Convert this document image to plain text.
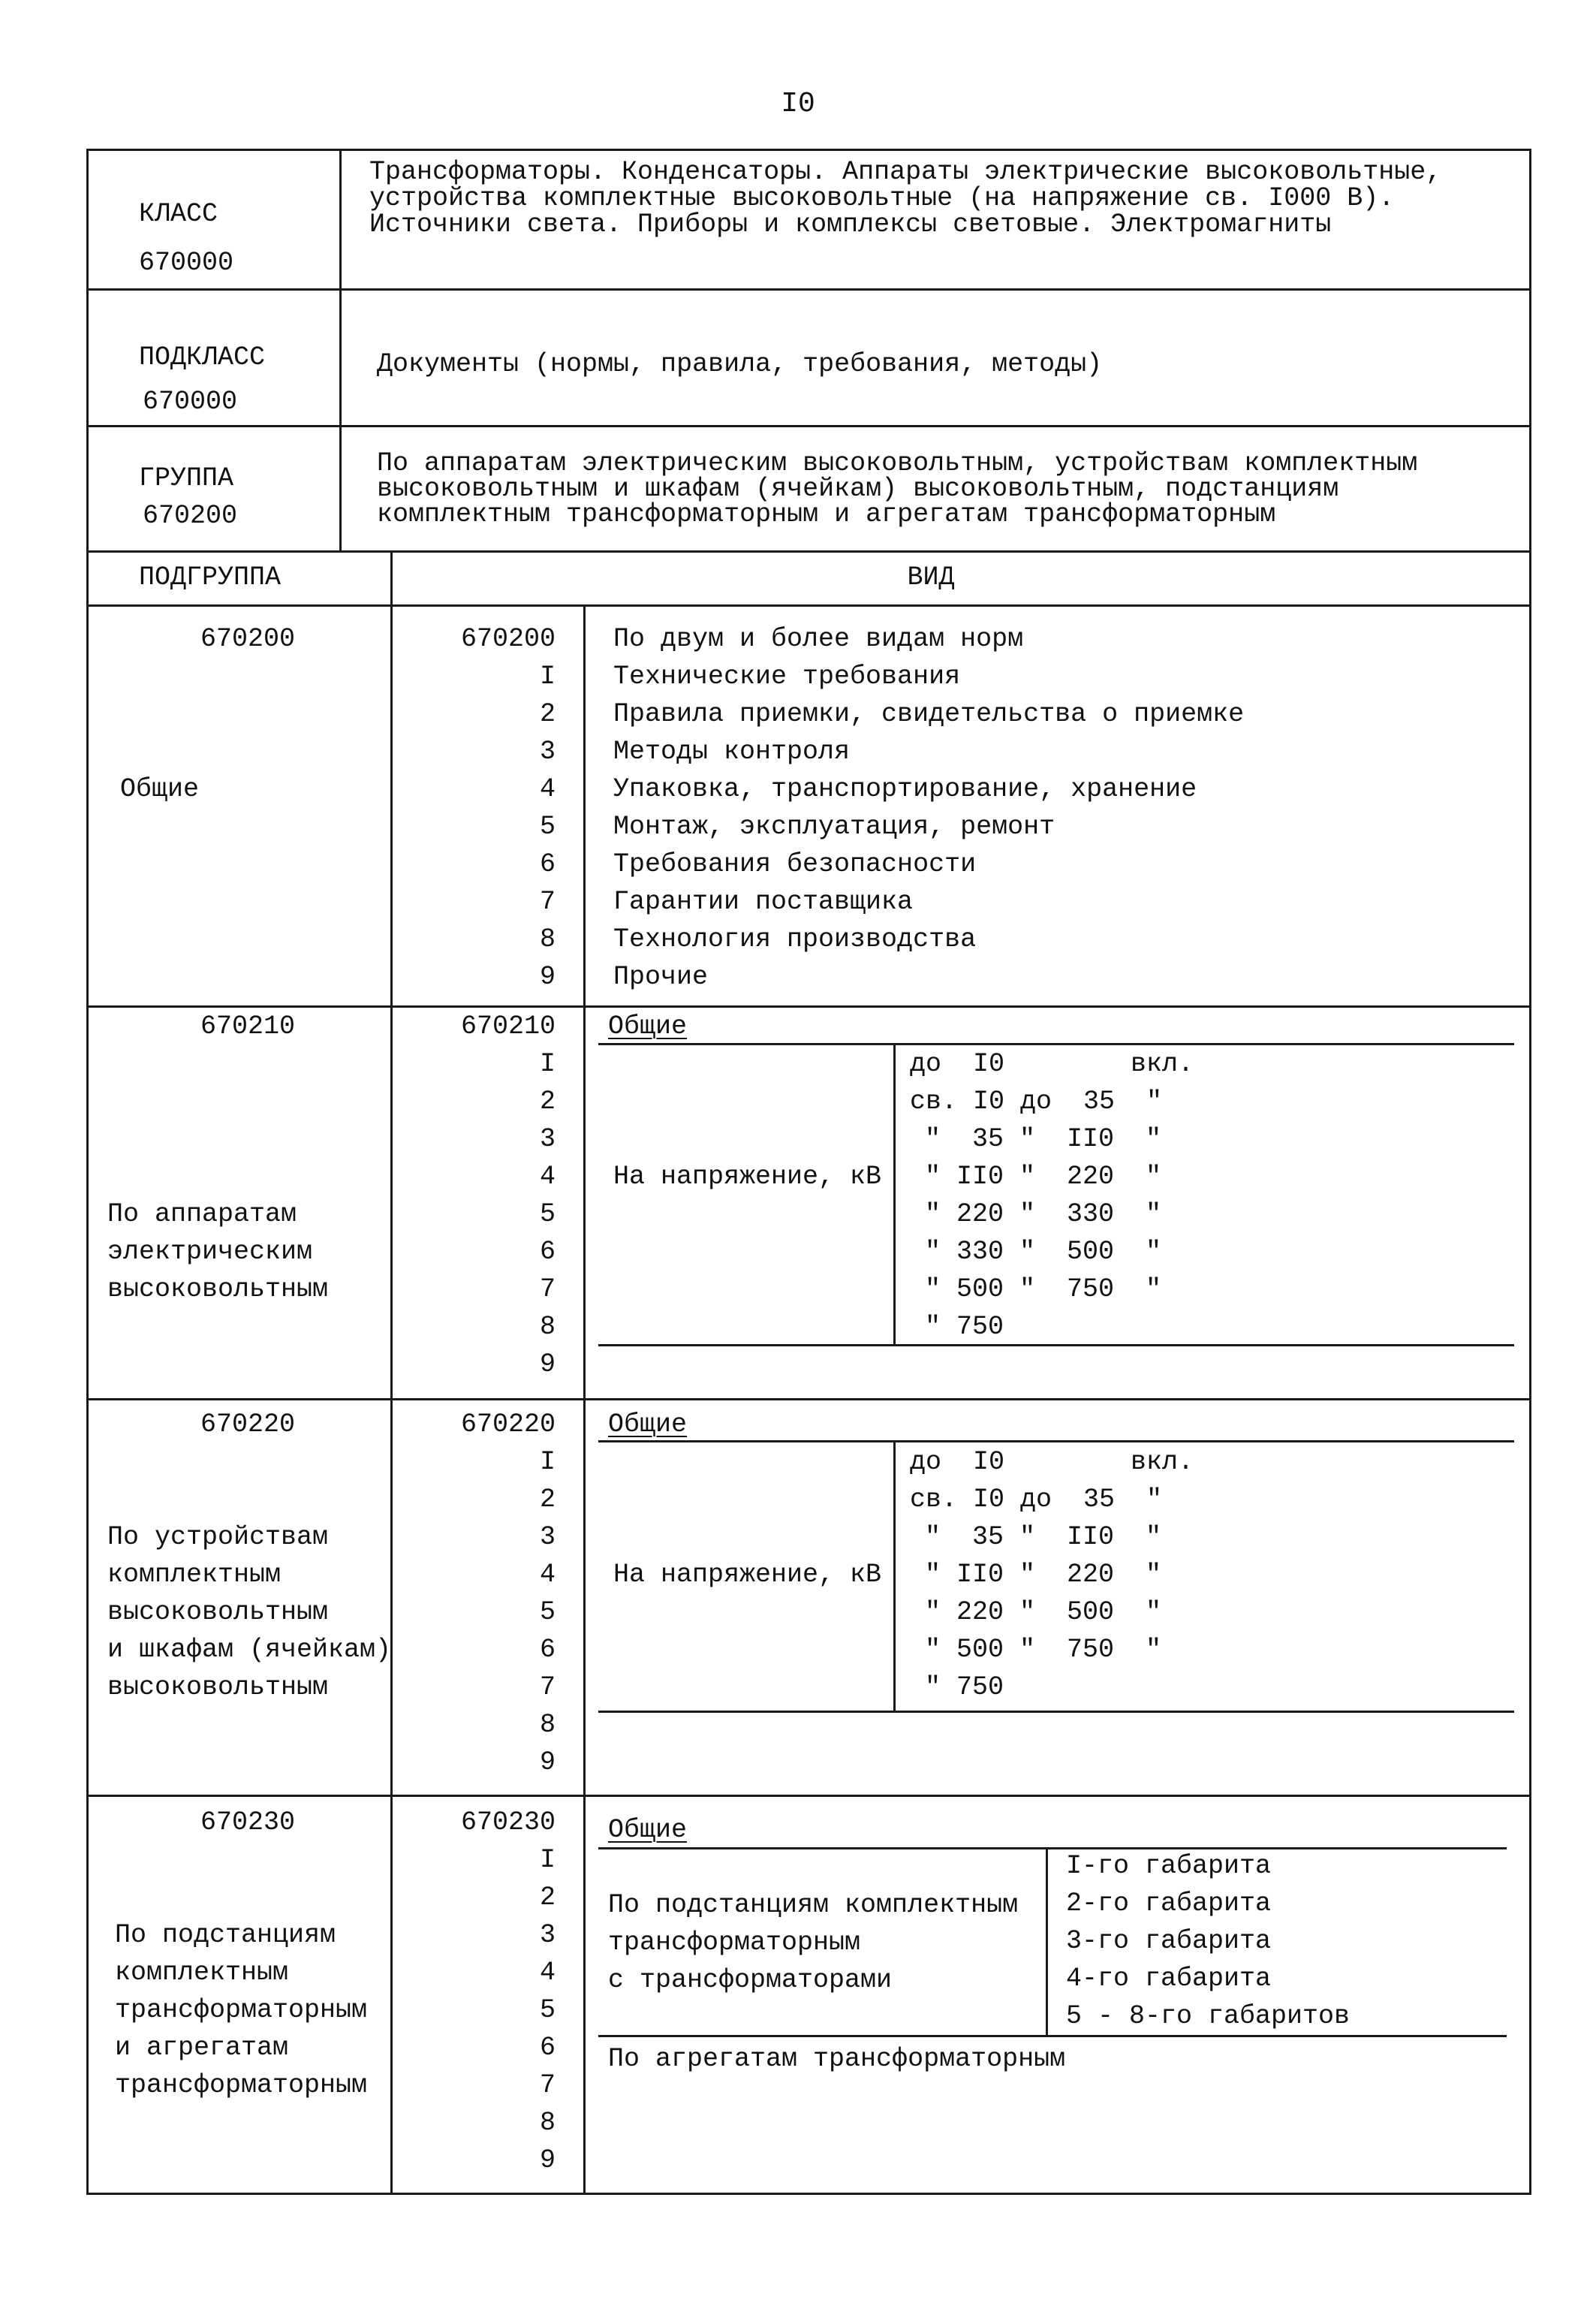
I0
КЛАСС
670000
Трансформаторы. Конденсаторы. Аппараты электрические высоковольтные,
устройства комплектные высоковольтные (на напряжение св. I000 В).
Источники света. Приборы и комплексы световые. Электромагниты
ПОДКЛАСС
670000
Документы (нормы, правила, требования, методы)
ГРУППА
670200
По аппаратам электрическим высоковольтным, устройствам комплектным
высоковольтным и шкафам (ячейкам) высоковольтным, подстанциям
комплектным трансформаторным и агрегатам трансформаторным
ПОДГРУППА	ВИД
670200
Общие
670200
I
2
3
4
5
6
7
8
9
По двум и более видам норм
Технические требования
Правила приемки, свидетельства о приемке
Методы контроля
Упаковка, транспортирование, хранение
Монтаж, эксплуатация, ремонт
Требования безопасности
Гарантии поставщика
Технология производства
Прочие
670210
По аппаратам
электрическим
высоковольтным
670210
I
2
3
4
5
6
7
8
9
Общие
На напряжение, кВ
до  I0        вкл.
св. I0 до  35  "
"  35 "  II0  "
" II0 "  220  "
" 220 "  330  "
" 330 "  500  "
" 500 "  750  "
" 750
670220
По устройствам
комплектным
высоковольтным
и шкафам (ячейкам)
высоковольтным
670220
I
2
3
4
5
6
7
8
9
Общие
На напряжение, кВ
до  I0        вкл.
св. I0 до  35  "
"  35 "  II0  "
" II0 "  220  "
" 220 "  500  "
" 500 "  750  "
" 750
670230
По подстанциям
комплектным
трансформаторным
и агрегатам
трансформаторным
670230
I
2
3
4
5
6
7
8
9
Общие
По подстанциям комплектным
трансформаторным
с трансформаторами
I-го габарита
2-го габарита
3-го габарита
4-го габарита
5 - 8-го габаритов
По агрегатам трансформаторным
